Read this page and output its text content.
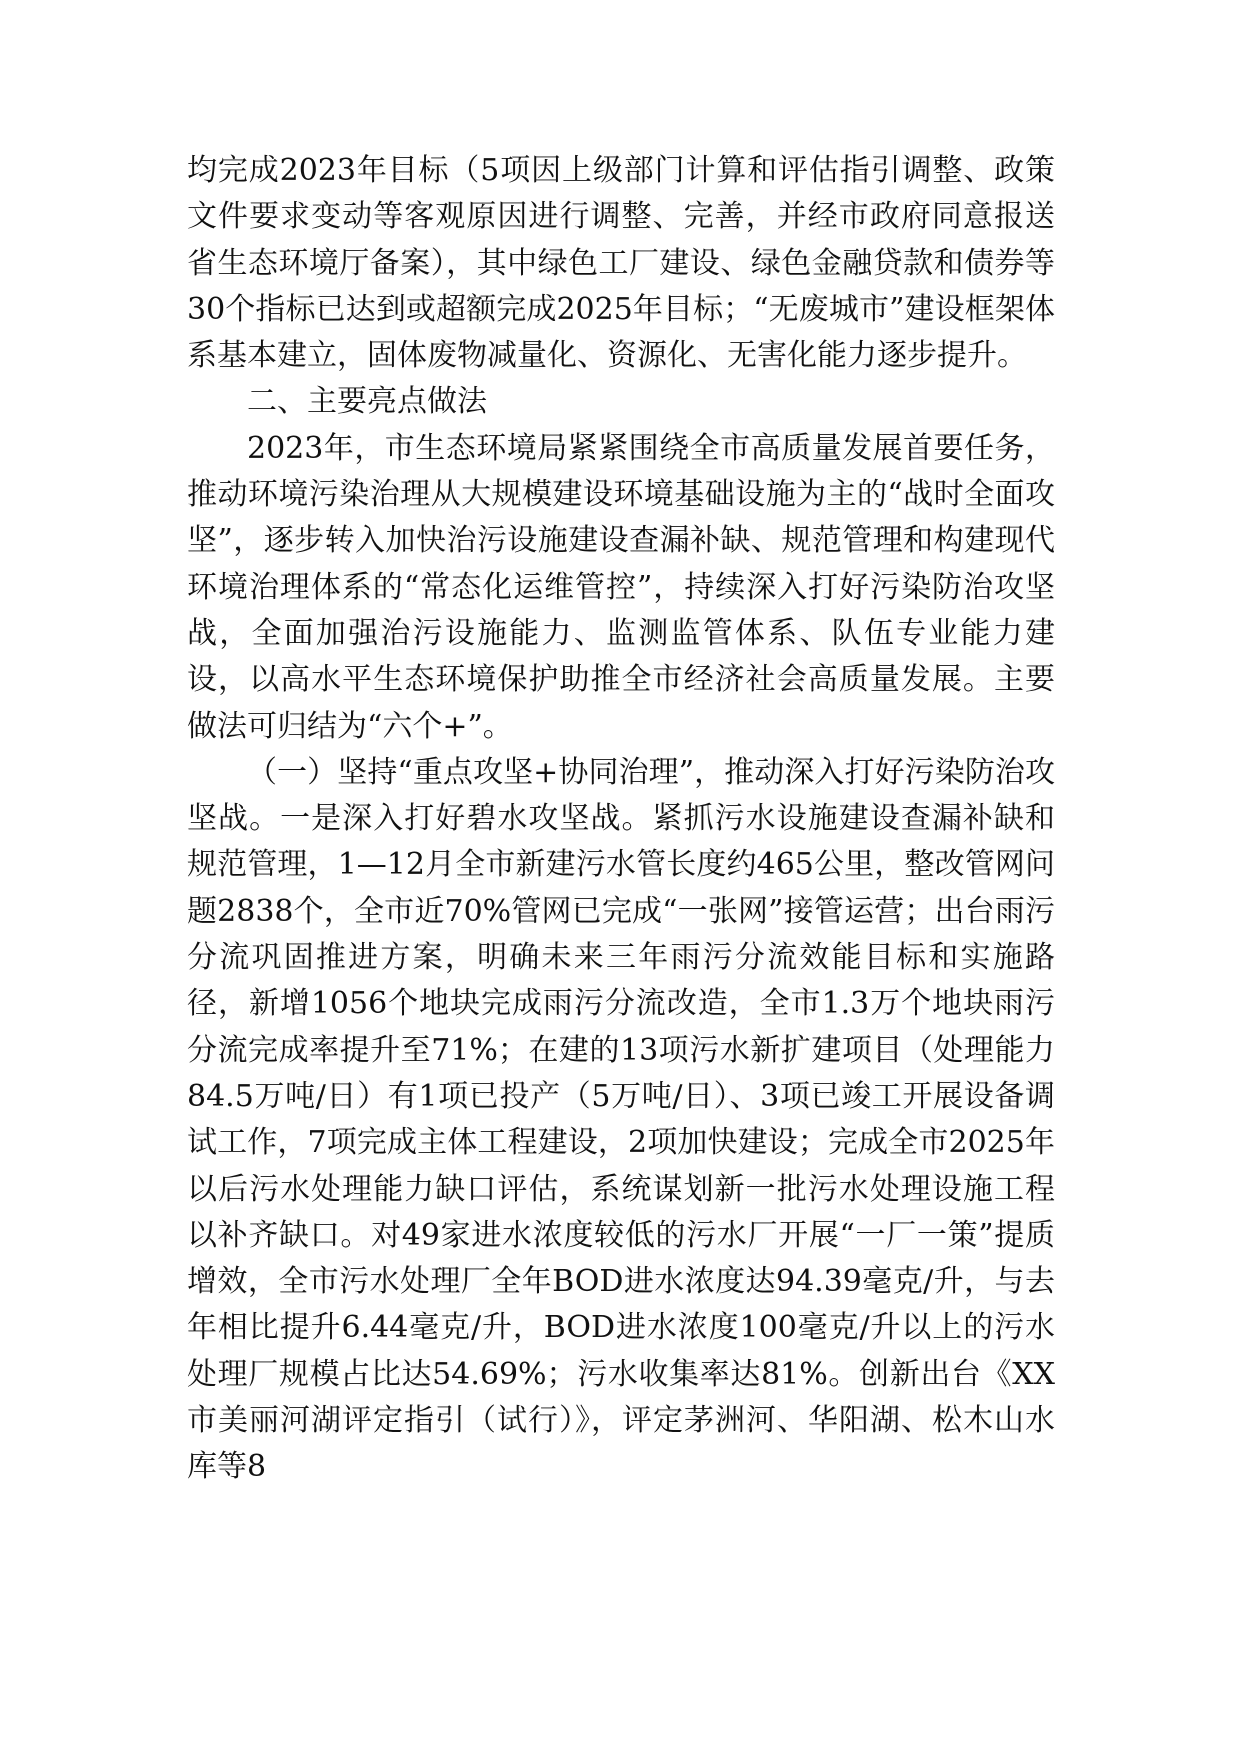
均完成2023年目标（5项因上级部门计算和评估指引调整、政策文件要求变动等客观原因进行调整、完善，并经市政府同意报送省生态环境厅备案），其中绿色工厂建设、绿色金融贷款和债券等30个指标已达到或超额完成2025年目标；“无废城市”建设框架体系基本建立，固体废物减量化、资源化、无害化能力逐步提升。

二、主要亮点做法

2023年，市生态环境局紧紧围绕全市高质量发展首要任务，推动环境污染治理从大规模建设环境基础设施为主的“战时全面攻坚”，逐步转入加快治污设施建设查漏补缺、规范管理和构建现代环境治理体系的“常态化运维管控”，持续深入打好污染防治攻坚战，全面加强治污设施能力、监测监管体系、队伍专业能力建设，以高水平生态环境保护助推全市经济社会高质量发展。主要做法可归结为“六个+”。

（一）坚持“重点攻坚+协同治理”，推动深入打好污染防治攻坚战。一是深入打好碧水攻坚战。紧抓污水设施建设查漏补缺和规范管理，1—12月全市新建污水管长度约465公里，整改管网问题2838个，全市近70%管网已完成“一张网”接管运营；出台雨污分流巩固推进方案，明确未来三年雨污分流效能目标和实施路径，新增1056个地块完成雨污分流改造，全市1.3万个地块雨污分流完成率提升至71%；在建的13项污水新扩建项目（处理能力84.5万吨/日）有1项已投产（5万吨/日）、3项已竣工开展设备调试工作，7项完成主体工程建设，2项加快建设；完成全市2025年以后污水处理能力缺口评估，系统谋划新一批污水处理设施工程以补齐缺口。对49家进水浓度较低的污水厂开展“一厂一策”提质增效，全市污水处理厂全年BOD进水浓度达94.39毫克/升，与去年相比提升6.44毫克/升，BOD进水浓度100毫克/升以上的污水处理厂规模占比达54.69%；污水收集率达81%。创新出台《XX市美丽河湖评定指引（试行）》，评定茅洲河、华阳湖、松木山水库等8
